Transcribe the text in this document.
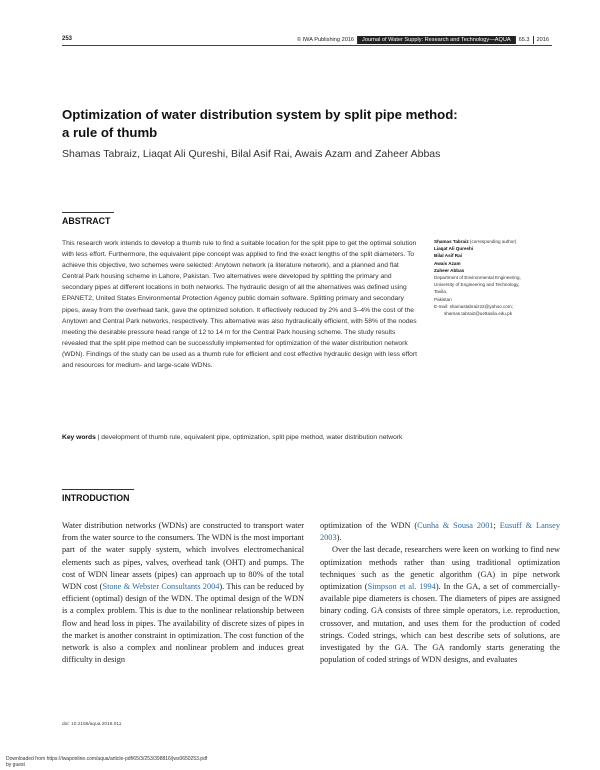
253	© IWA Publishing 2016	Journal of Water Supply: Research and Technology—AQUA	65.3	2016
Optimization of water distribution system by split pipe method: a rule of thumb
Shamas Tabraiz, Liaqat Ali Qureshi, Bilal Asif Rai, Awais Azam and Zaheer Abbas
ABSTRACT
This research work intends to develop a thumb rule to find a suitable location for the split pipe to get the optimal solution with less effort. Furthermore, the equivalent pipe concept was applied to find the exact lengths of the split diameters. To achieve this objective, two schemes were selected: Anytown network (a literature network), and a planned and flat Central Park housing scheme in Lahore, Pakistan. Two alternatives were developed by splitting the primary and secondary pipes at different locations in both networks. The hydraulic design of all the alternatives was defined using EPANET2, United States Environmental Protection Agency public domain software. Splitting primary and secondary pipes, away from the overhead tank, gave the optimized solution. It effectively reduced by 2% and 3–4% the cost of the Anytown and Central Park networks, respectively. This alternative was also hydraulically efficient, with 58% of the nodes meeting the desirable pressure head range of 12 to 14 m for the Central Park housing scheme. The study results revealed that the split pipe method can be successfully implemented for optimization of the water distribution network (WDN). Findings of the study can be used as a thumb rule for efficient and cost effective hydraulic design with less effort and resources for medium- and large-scale WDNs.
Key words | development of thumb rule, equivalent pipe, optimization, split pipe method, water distribution network
Shamas Tabraiz (corresponding author)
Liaqat Ali Qureshi
Bilal Asif Rai
Awais Azam
Zaheer Abbas
Department of Environmental Engineering,
University of Engineering and Technology,
Taxila,
Pakistan
E-mail: shamastabraiz22@yahoo.com;
shamas.tabraiz@uettaxila.edu.pk
INTRODUCTION

Water distribution networks (WDNs) are constructed to transport water from the water source to the consumers. The WDN is the most important part of the water supply system, which involves electromechanical elements such as pipes, valves, overhead tank (OHT) and pumps. The cost of WDN linear assets (pipes) can approach up to 80% of the total WDN cost (Stone & Webster Consultants 2004). This can be reduced by efficient (optimal) design of the WDN. The optimal design of the WDN is a complex problem. This is due to the nonlinear relationship between flow and head loss in pipes. The availability of discrete sizes of pipes in the market is another constraint in optimization. The cost function of the network is also a complex and nonlinear problem and induces great difficulty in design

optimization of the WDN (Cunha & Sousa 2001; Eusuff & Lansey 2003).

Over the last decade, researchers were keen on working to find new optimization methods rather than using traditional optimization techniques such as the genetic algorithm (GA) in pipe network optimization (Simpson et al. 1994). In the GA, a set of commercially-available pipe diameters is chosen. The diameters of pipes are assigned binary coding. GA consists of three simple operators, i.e. reproduction, crossover, and mutation, and uses them for the production of coded strings. Coded strings, which can best describe sets of solutions, are investigated by the GA. The GA randomly starts generating the population of coded strings of WDN designs, and evaluates

doi: 10.2166/aqua.2016.011
Downloaded from https://iwaponline.com/aqua/article-pdf/65/3/253/398816/jws0650253.pdf
by guest
